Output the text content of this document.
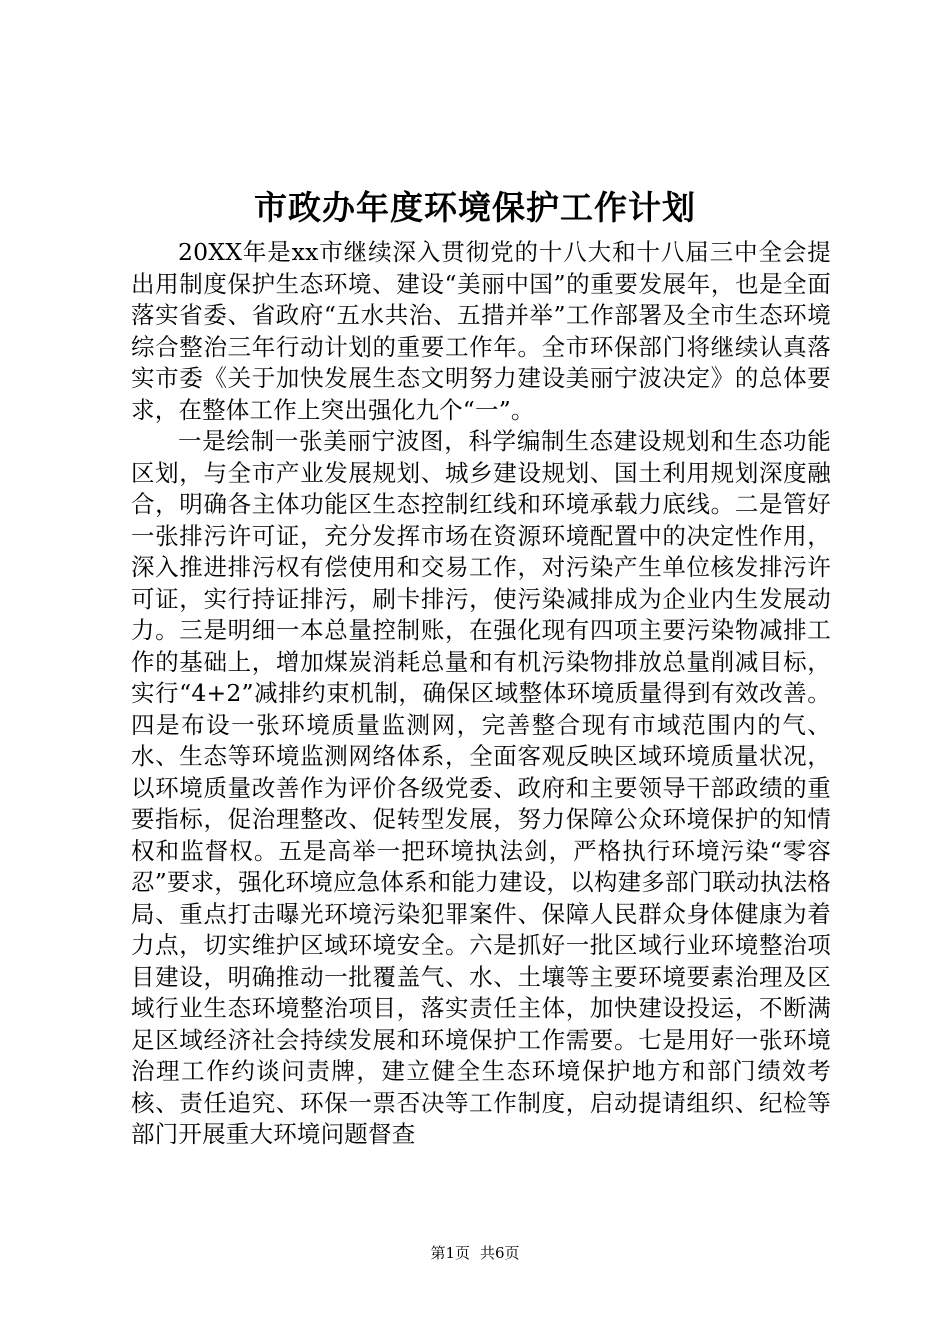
市政办年度环境保护工作计划

20XX年是xx市继续深入贯彻党的十八大和十八届三中全会提出用制度保护生态环境、建设“美丽中国”的重要发展年，也是全面落实省委、省政府“五水共治、五措并举”工作部署及全市生态环境综合整治三年行动计划的重要工作年。全市环保部门将继续认真落实市委《关于加快发展生态文明努力建设美丽宁波决定》的总体要求，在整体工作上突出强化九个“一”。

一是绘制一张美丽宁波图，科学编制生态建设规划和生态功能区划，与全市产业发展规划、城乡建设规划、国土利用规划深度融合，明确各主体功能区生态控制红线和环境承载力底线。二是管好一张排污许可证，充分发挥市场在资源环境配置中的决定性作用，深入推进排污权有偿使用和交易工作，对污染产生单位核发排污许可证，实行持证排污，刷卡排污，使污染减排成为企业内生发展动力。三是明细一本总量控制账，在强化现有四项主要污染物减排工作的基础上，增加煤炭消耗总量和有机污染物排放总量削减目标，实行“4+2”减排约束机制，确保区域整体环境质量得到有效改善。四是布设一张环境质量监测网，完善整合现有市域范围内的气、水、生态等环境监测网络体系，全面客观反映区域环境质量状况，以环境质量改善作为评价各级党委、政府和主要领导干部政绩的重要指标，促治理整改、促转型发展，努力保障公众环境保护的知情权和监督权。五是高举一把环境执法剑，严格执行环境污染“零容忍”要求，强化环境应急体系和能力建设，以构建多部门联动执法格局、重点打击曝光环境污染犯罪案件、保障人民群众身体健康为着力点，切实维护区域环境安全。六是抓好一批区域行业环境整治项目建设，明确推动一批覆盖气、水、土壤等主要环境要素治理及区域行业生态环境整治项目，落实责任主体，加快建设投运，不断满足区域经济社会持续发展和环境保护工作需要。七是用好一张环境治理工作约谈问责牌，建立健全生态环境保护地方和部门绩效考核、责任追究、环保一票否决等工作制度，启动提请组织、纪检等部门开展重大环境问题督查

第1页 共6页
